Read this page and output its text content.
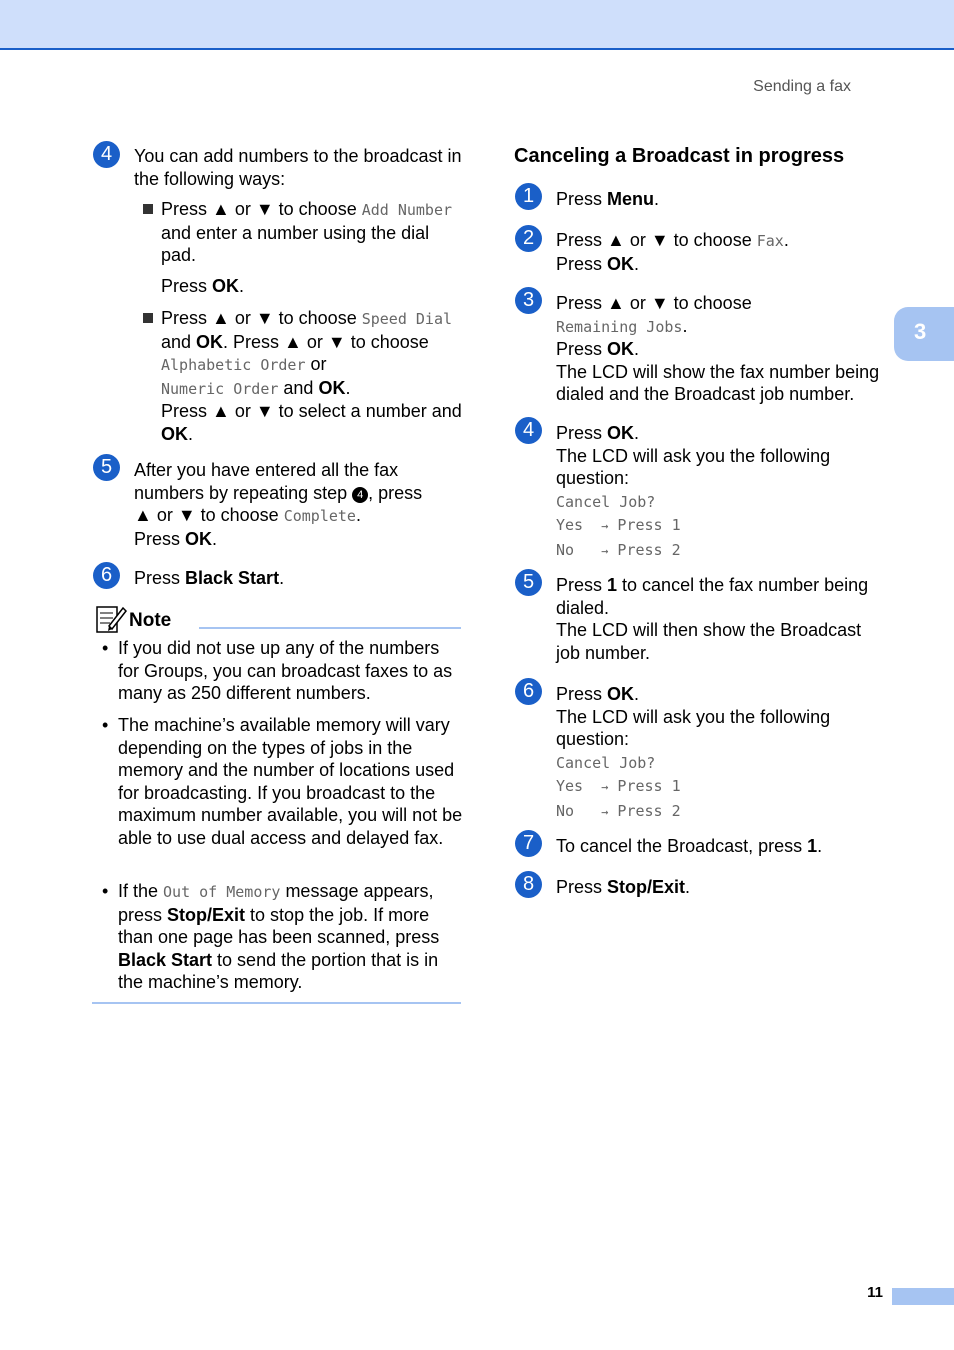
Sending a fax
3
4	You can add numbers to the broadcast in the following ways:
Press ▲ or ▼ to choose Add Number
and enter a number using the dial pad.
Press OK.
Press ▲ or ▼ to choose Speed Dial
and OK. Press ▲ or ▼ to choose
Alphabetic Order or
Numeric Order and OK.
Press ▲ or ▼ to select a number and
OK.
5	After you have entered all the fax
numbers by repeating step 4 , press
▲ or ▼ to choose Complete.
Press OK.
6	Press Black Start.
Note
• If you did not use up any of the numbers for Groups, you can broadcast faxes to as many as 250 different numbers.
• The machine’s available memory will vary depending on the types of jobs in the memory and the number of locations used for broadcasting. If you broadcast to the maximum number available, you will not be able to use dual access and delayed fax.
• If the Out of Memory message appears, press Stop/Exit to stop the job. If more than one page has been scanned, press Black Start to send the portion that is in the machine’s memory.
Canceling a Broadcast in progress
1	Press Menu.
2	Press ▲ or ▼ to choose Fax.
Press OK.
3	Press ▲ or ▼ to choose
Remaining Jobs.
Press OK.
The LCD will show the fax number being dialed and the Broadcast job number.
4	Press OK.
The LCD will ask you the following question:
Cancel Job?
Yes  → Press 1
No   → Press 2
5	Press 1 to cancel the fax number being dialed.
The LCD will then show the Broadcast job number.
6	Press OK.
The LCD will ask you the following question:
Cancel Job?
Yes  → Press 1
No   → Press 2
7	To cancel the Broadcast, press 1.
8	Press Stop/Exit.
11
